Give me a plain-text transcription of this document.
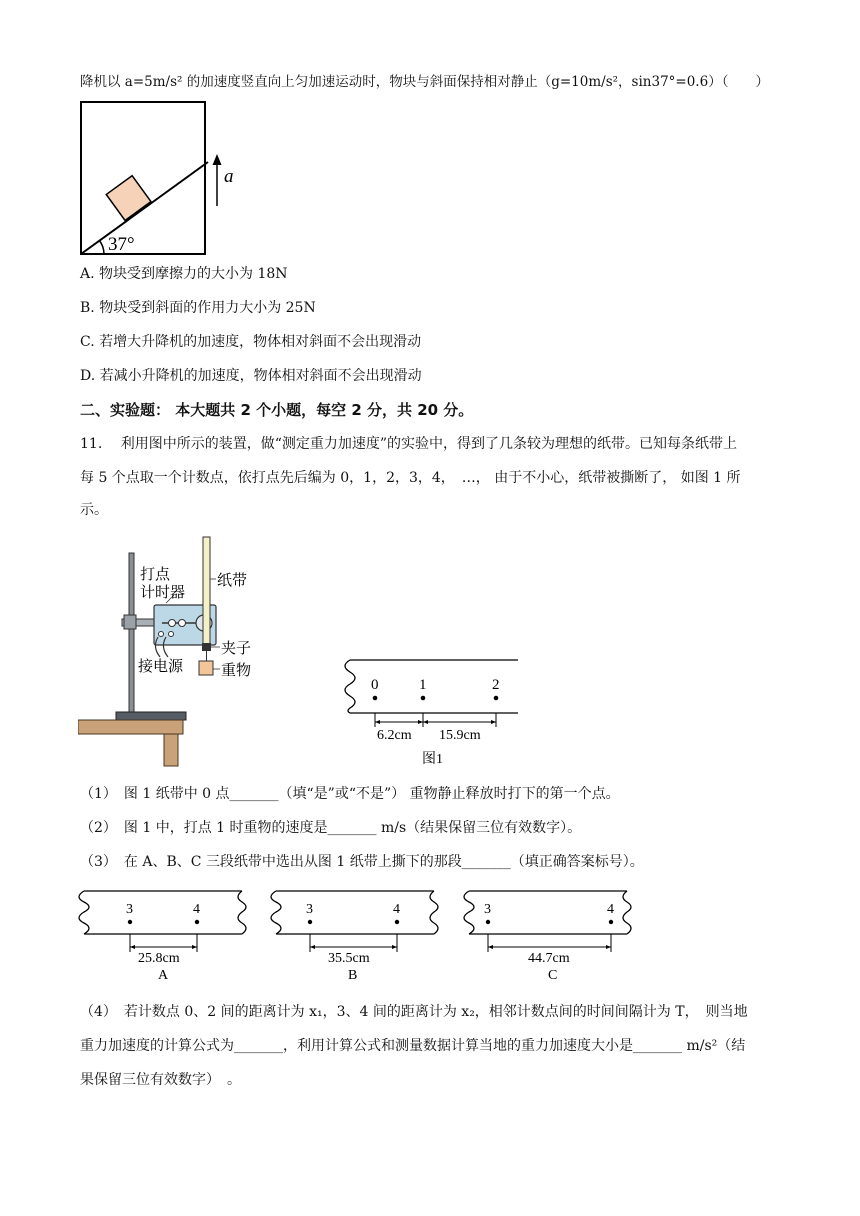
降机以 a=5m/s² 的加速度竖直向上匀加速运动时，物块与斜面保持相对静止（g=10m/s²，sin37°=0.6）（　　）
37°
a
A. 物块受到摩擦力的大小为 18N
B. 物块受到斜面的作用力大小为 25N
C. 若增大升降机的加速度，物体相对斜面不会出现滑动
D. 若减小升降机的加速度，物体相对斜面不会出现滑动
二、实验题： 本大题共 2 个小题，每空 2 分，共 20 分。
11.　 利用图中所示的装置，做“测定重力加速度”的实验中，得到了几条较为理想的纸带。已知每条纸带上
每 5 个点取一个计数点，依打点先后编为 0，1，2，3，4，　…， 由于不小心，纸带被撕断了， 如图 1 所
示。
打点
计时器
纸带
夹子
接电源	重物
0	1	2
6.2cm 15.9cm
图1
（1）　图 1 纸带中 0 点_______（填“是”或“不是”） 重物静止释放时打下的第一个点。
（2）　图 1 中，打点 1 时重物的速度是_______ m/s（结果保留三位有效数字）。
（3）　在 A、B、C 三段纸带中选出从图 1 纸带上撕下的那段_______（填正确答案标号）。
3	4
25.8cm
A
3	4
35.5cm
B
3	4
44.7cm
C
（4）　若计数点 0、2 间的距离计为 x₁，3、4 间的距离计为 x₂，相邻计数点间的时间间隔计为 T，　则当地
重力加速度的计算公式为_______，利用计算公式和测量数据计算当地的重力加速度大小是_______ m/s²（结
果保留三位有效数字）　。
